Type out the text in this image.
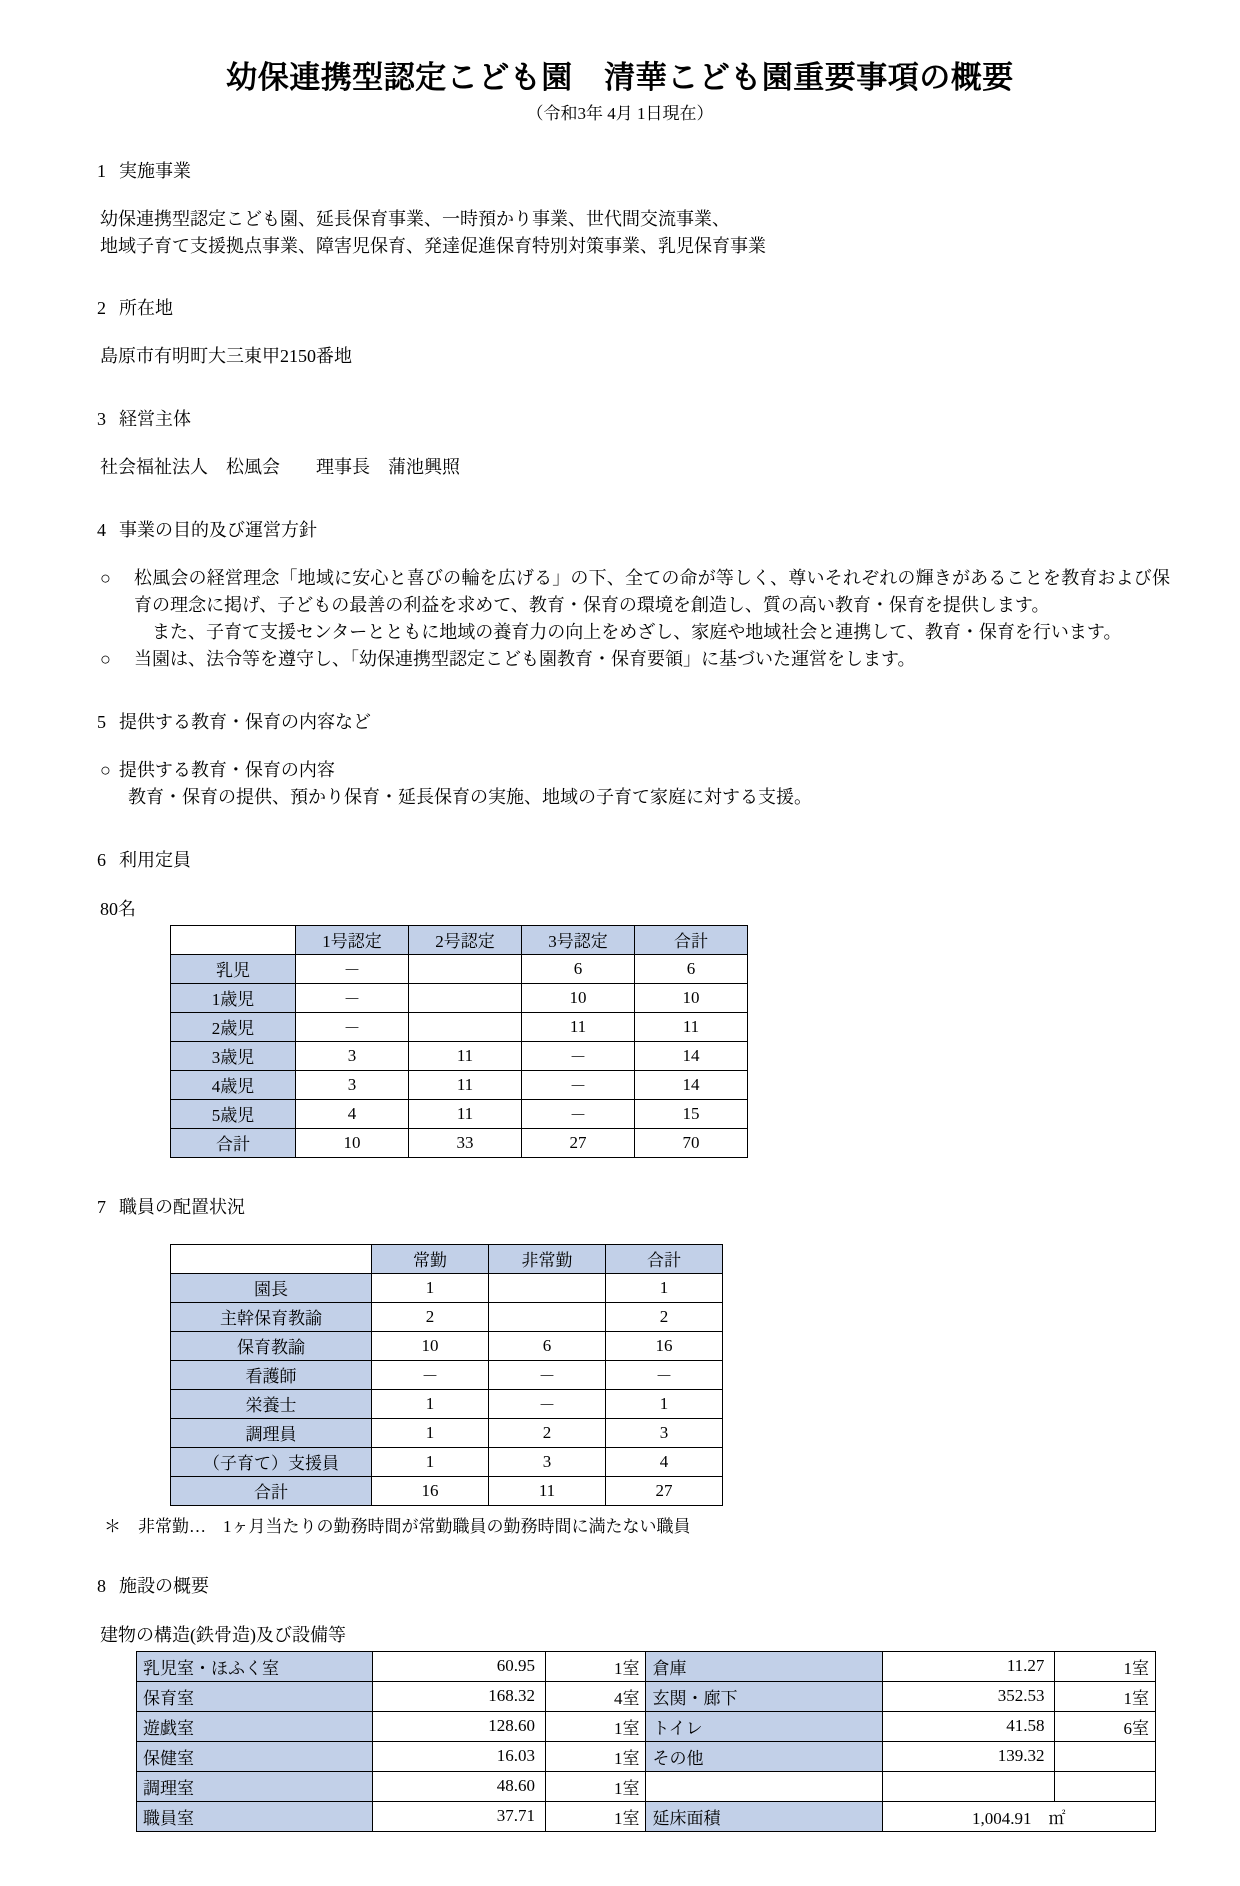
幼保連携型認定こども園　清華こども園重要事項の概要
（令和3年 4月 1日現在）

1 実施事業

幼保連携型認定こども園、延長保育事業、一時預かり事業、世代間交流事業、
地域子育て支援拠点事業、障害児保育、発達促進保育特別対策事業、乳児保育事業

2 所在地

島原市有明町大三東甲2150番地

3 経営主体

社会福祉法人　松風会　　理事長　蒲池興照

4 事業の目的及び運営方針

○	松風会の経営理念「地域に安心と喜びの輪を広げる」の下、全ての命が等しく、尊いそれぞれの輝きがあることを教育および保育の理念に掲げ、子どもの最善の利益を求めて、教育・保育の環境を創造し、質の高い教育・保育を提供します。
また、子育て支援センターとともに地域の養育力の向上をめざし、家庭や地域社会と連携して、教育・保育を行います。
○	当園は、法令等を遵守し、「幼保連携型認定こども園教育・保育要領」に基づいた運営をします。

5 提供する教育・保育の内容など

○ 提供する教育・保育の内容
教育・保育の提供、預かり保育・延長保育の実施、地域の子育て家庭に対する支援。

6 利用定員

80名
	1号認定	2号認定	3号認定	合計
乳児	－		6	6
1歳児	－		10	10
2歳児	－		11	11
3歳児	3	11	－	14
4歳児	3	11	－	14
5歳児	4	11	－	15
合計	10	33	27	70

7 職員の配置状況

	常勤	非常勤	合計
園長	1		1
主幹保育教諭	2		2
保育教諭	10	6	16
看護師	－	－	－
栄養士	1	－	1
調理員	1	2	3
（子育て）支援員	1	3	4
合計	16	11	27
＊　非常勤…　1ヶ月当たりの勤務時間が常勤職員の勤務時間に満たない職員

8 施設の概要

建物の構造(鉄骨造)及び設備等
乳児室・ほふく室	60.95	1室	倉庫	11.27	1室
保育室	168.32	4室	玄関・廊下	352.53	1室
遊戯室	128.60	1室	トイレ	41.58	6室
保健室	16.03	1室	その他	139.32	
調理室	48.60	1室			
職員室	37.71	1室	延床面積	1,004.91　㎡	
